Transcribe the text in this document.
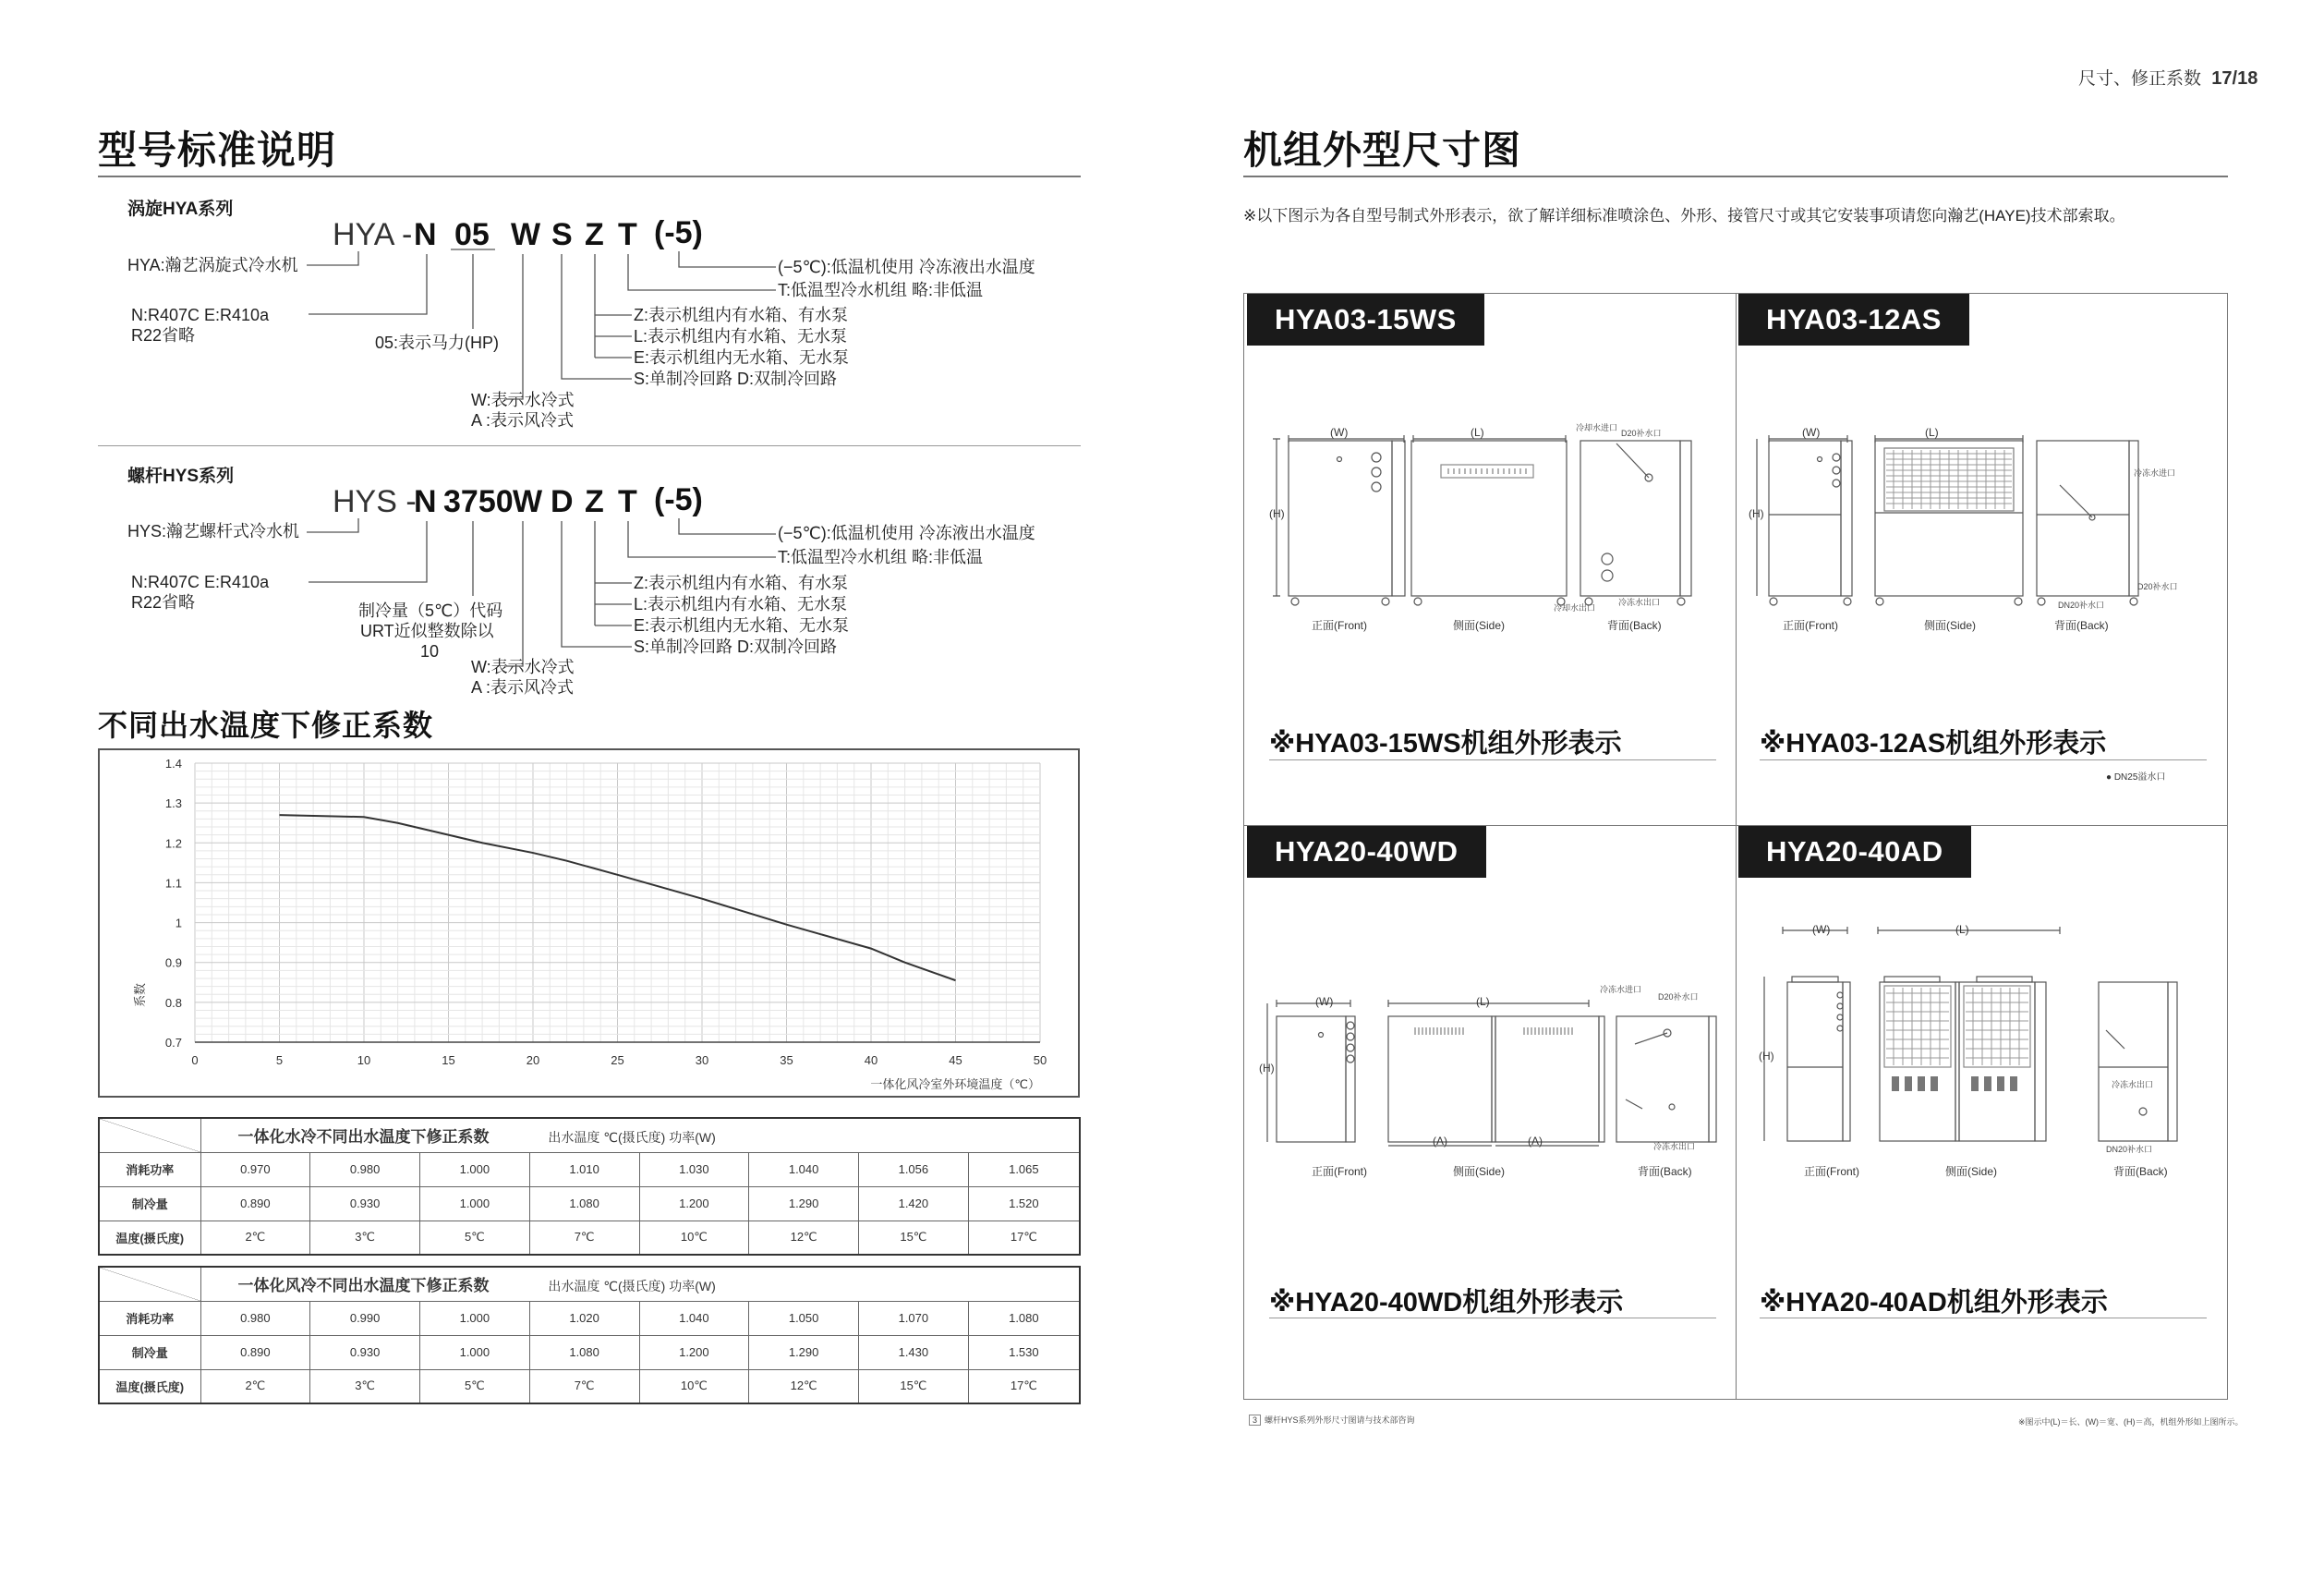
尺寸、修正系数 17/18
型号标准说明
涡旋HYA系列
HYA - N 05 W S Z T (-5)
HYA:瀚艺涡旋式冷水机
N:R407C E:R410a
R22省略	05:表示马力(HP)
W:表示水冷式
A :表示风冷式
(−5℃):低温机使用 冷冻液出水温度
T:低温型冷水机组 略:非低温
Z:表示机组内有水箱、有水泵
L:表示机组内有水箱、无水泵
E:表示机组内无水箱、无水泵
S:单制冷回路 D:双制冷回路
螺杆HYS系列
HYS -
N 3750 W D Z T (-5)
HYS:瀚艺螺杆式冷水机
N:R407C E:R410a
R22省略	制冷量（5℃）代码
URT近似整数除以
10
W:表示水冷式
A :表示风冷式
(−5℃):低温机使用 冷冻液出水温度
T:低温型冷水机组 略:非低温
Z:表示机组内有水箱、有水泵
L:表示机组内有水箱、无水泵
E:表示机组内无水箱、无水泵
S:单制冷回路 D:双制冷回路
不同出水温度下修正系数
0	5	10	15	20	25	30	35	40	45	50
0.7
0.8
0.9
1
1.1
1.2
1.3
1.4
系数
一体化风冷室外环境温度（℃）
	一体化水冷不同出水温度下修正系数 出水温度 ℃(摄氏度) 功率(W)							
消耗功率	0.970	0.980	1.000	1.010	1.030	1.040	1.056	1.065
制冷量	0.890	0.930	1.000	1.080	1.200	1.290	1.420	1.520
温度(摄氏度)	2℃	3℃	5℃	7℃	10℃	12℃	15℃	17℃
	一体化风冷不同出水温度下修正系数 出水温度 ℃(摄氏度) 功率(W)							
消耗功率	0.980	0.990	1.000	1.020	1.040	1.050	1.070	1.080
制冷量	0.890	0.930	1.000	1.080	1.200	1.290	1.430	1.530
温度(摄氏度)	2℃	3℃	5℃	7℃	10℃	12℃	15℃	17℃
机组外型尺寸图
※以下图示为各自型号制式外形表示，欲了解详细标准喷涂色、外形、接管尺寸或其它安装事项请您向瀚艺(HAYE)技术部索取。
HYA03-15WS	HYA03-12AS
HYA20-40WD	HYA20-40AD
※HYA03-15WS机组外形表示	※HYA03-12AS机组外形表示
● DN25溢水口
※HYA20-40WD机组外形表示	※HYA20-40AD机组外形表示
(W)	(L)
(H)
正面(Front)	侧面(Side)	背面(Back)
冷却水进口
D20补水口
冷却水出口
冷冻水出口
(W)	(L)
(H)
正面(Front)	侧面(Side)	背面(Back)
冷冻水进口
D20补水口
DN20补水口
(W)	(L)
(H)
(A)	(A)
正面(Front)	侧面(Side)	背面(Back)
冷冻水进口
D20补水口
冷冻水出口
(W)	(L)
(H)
正面(Front)	侧面(Side)	背面(Back)
冷冻水出口
DN20补水口
3 螺杆HYS系列外形尺寸图请与技术部咨询	※图示中(L)＝长、(W)＝宽、(H)＝高，机组外形如上图所示。
